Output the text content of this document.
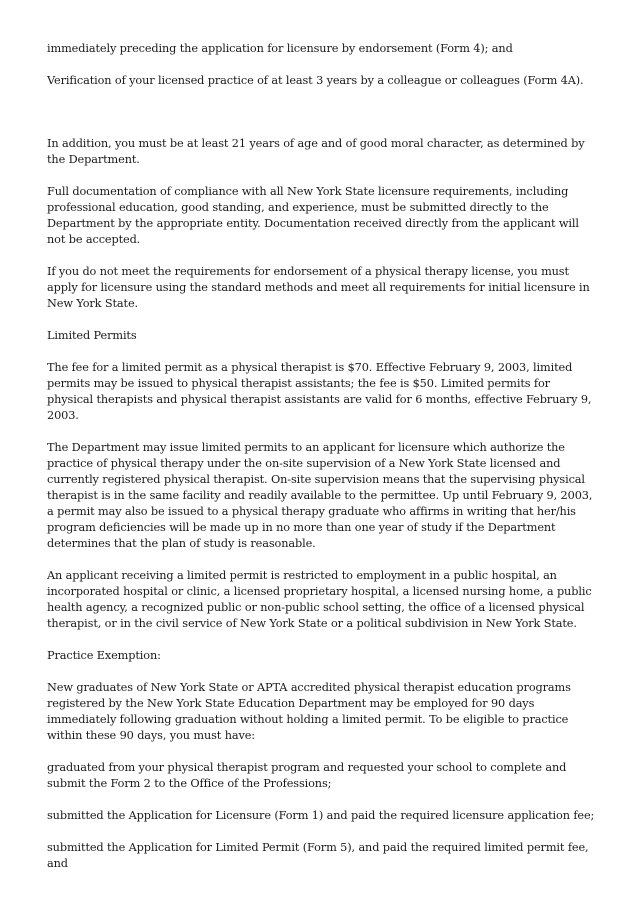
immediately preceding the application for licensure by endorsement (Form 4); and

Verification of your licensed practice of at least 3 years by a colleague or colleagues (Form 4A).

In addition, you must be at least 21 years of age and of good moral character, as determined by the Department.

Full documentation of compliance with all New York State licensure requirements, including professional education, good standing, and experience, must be submitted directly to the Department by the appropriate entity. Documentation received directly from the applicant will not be accepted.

If you do not meet the requirements for endorsement of a physical therapy license, you must apply for licensure using the standard methods and meet all requirements for initial licensure in New York State.

Limited Permits

The fee for a limited permit as a physical therapist is $70. Effective February 9, 2003, limited permits may be issued to physical therapist assistants; the fee is $50. Limited permits for physical therapists and physical therapist assistants are valid for 6 months, effective February 9, 2003.

The Department may issue limited permits to an applicant for licensure which authorize the practice of physical therapy under the on-site supervision of a New York State licensed and currently registered physical therapist. On-site supervision means that the supervising physical therapist is in the same facility and readily available to the permittee. Up until February 9, 2003, a permit may also be issued to a physical therapy graduate who affirms in writing that her/his program deficiencies will be made up in no more than one year of study if the Department determines that the plan of study is reasonable.

An applicant receiving a limited permit is restricted to employment in a public hospital, an incorporated hospital or clinic, a licensed proprietary hospital, a licensed nursing home, a public health agency, a recognized public or non-public school setting, the office of a licensed physical therapist, or in the civil service of New York State or a political subdivision in New York State.

Practice Exemption:

New graduates of New York State or APTA accredited physical therapist education programs registered by the New York State Education Department may be employed for 90 days immediately following graduation without holding a limited permit. To be eligible to practice within these 90 days, you must have:

graduated from your physical therapist program and requested your school to complete and submit the Form 2 to the Office of the Professions;

submitted the Application for Licensure (Form 1) and paid the required licensure application fee;

submitted the Application for Limited Permit (Form 5), and paid the required limited permit fee, and
